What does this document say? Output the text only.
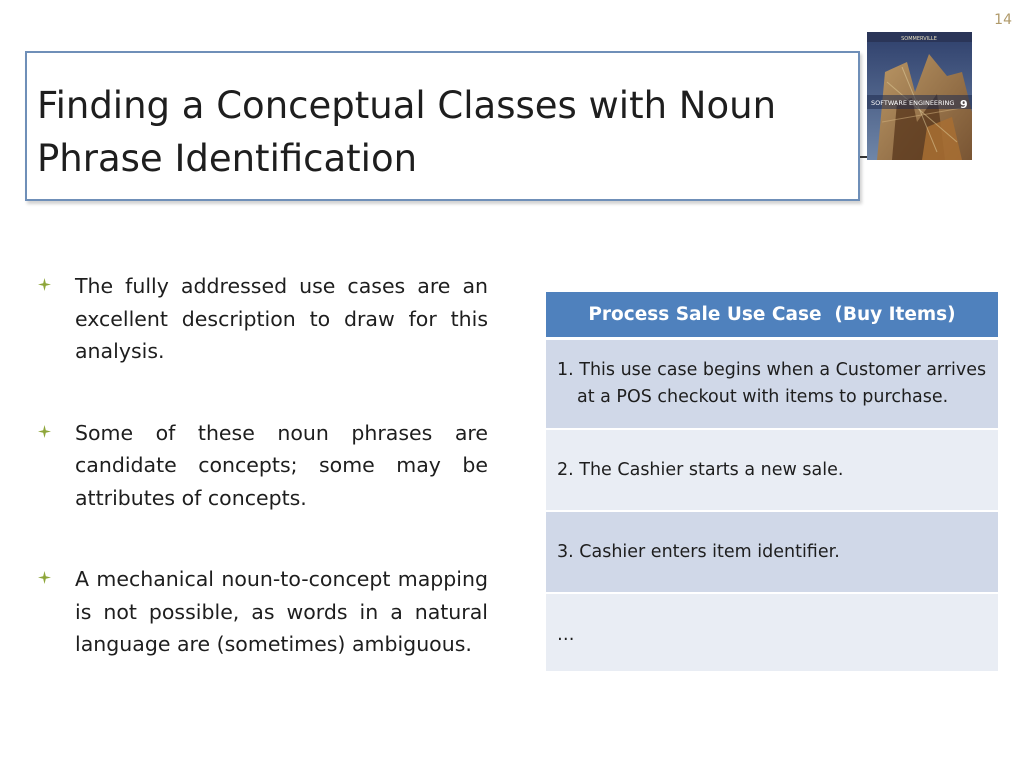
14
Finding a Conceptual Classes with Noun Phrase Identification
SOMMERVILLE
SOFTWARE ENGINEERING 9
The fully addressed use cases are an excellent description to draw for this analysis.
Some of these noun phrases are candidate concepts; some may be attributes of concepts.
A mechanical noun-to-concept mapping is not possible, as words in a natural language are (sometimes) ambiguous.
Process Sale Use Case  (Buy Items)

1. This use case begins when a Customer arrives at a POS checkout with items to purchase.

2. The Cashier starts a new sale.
3. Cashier enters item identifier.
…
